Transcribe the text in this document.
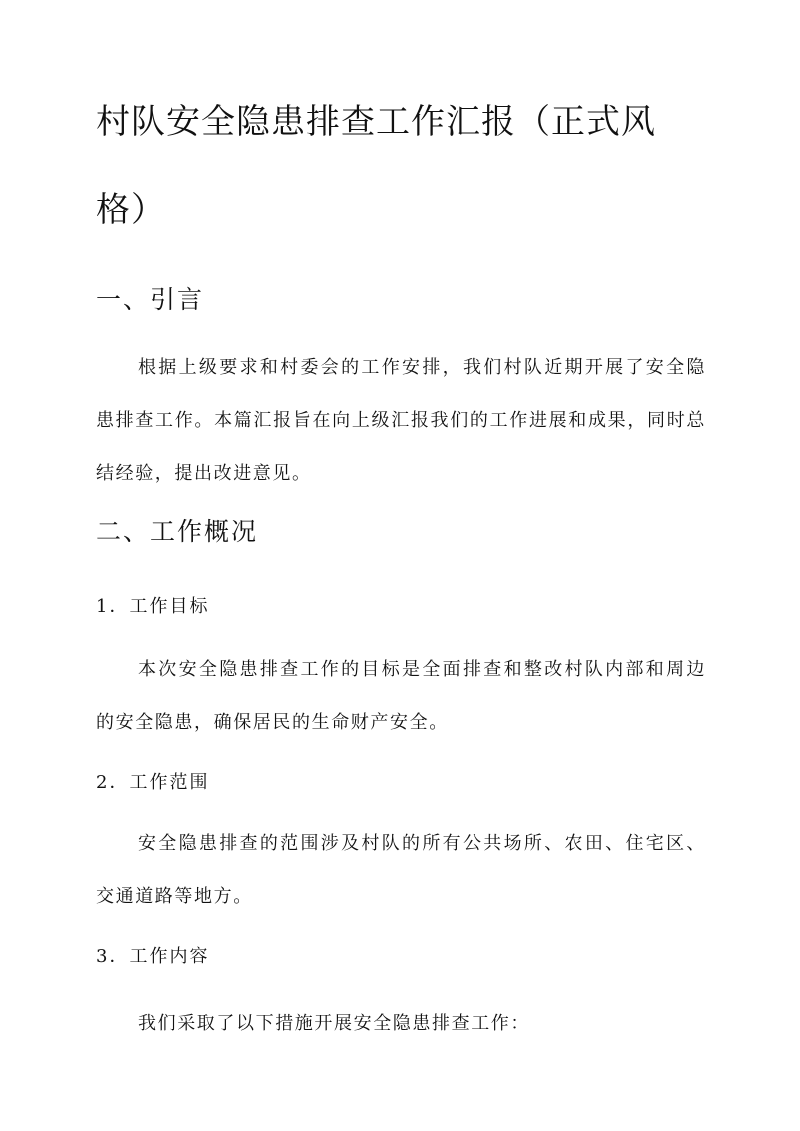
村队安全隐患排查工作汇报（正式风格）
一、引言

根据上级要求和村委会的工作安排，我们村队近期开展了安全隐患排查工作。本篇汇报旨在向上级汇报我们的工作进展和成果，同时总结经验，提出改进意见。

二、工作概况
1．工作目标

本次安全隐患排查工作的目标是全面排查和整改村队内部和周边的安全隐患，确保居民的生命财产安全。

2．工作范围

安全隐患排查的范围涉及村队的所有公共场所、农田、住宅区、交通道路等地方。

3．工作内容

我们采取了以下措施开展安全隐患排查工作：
